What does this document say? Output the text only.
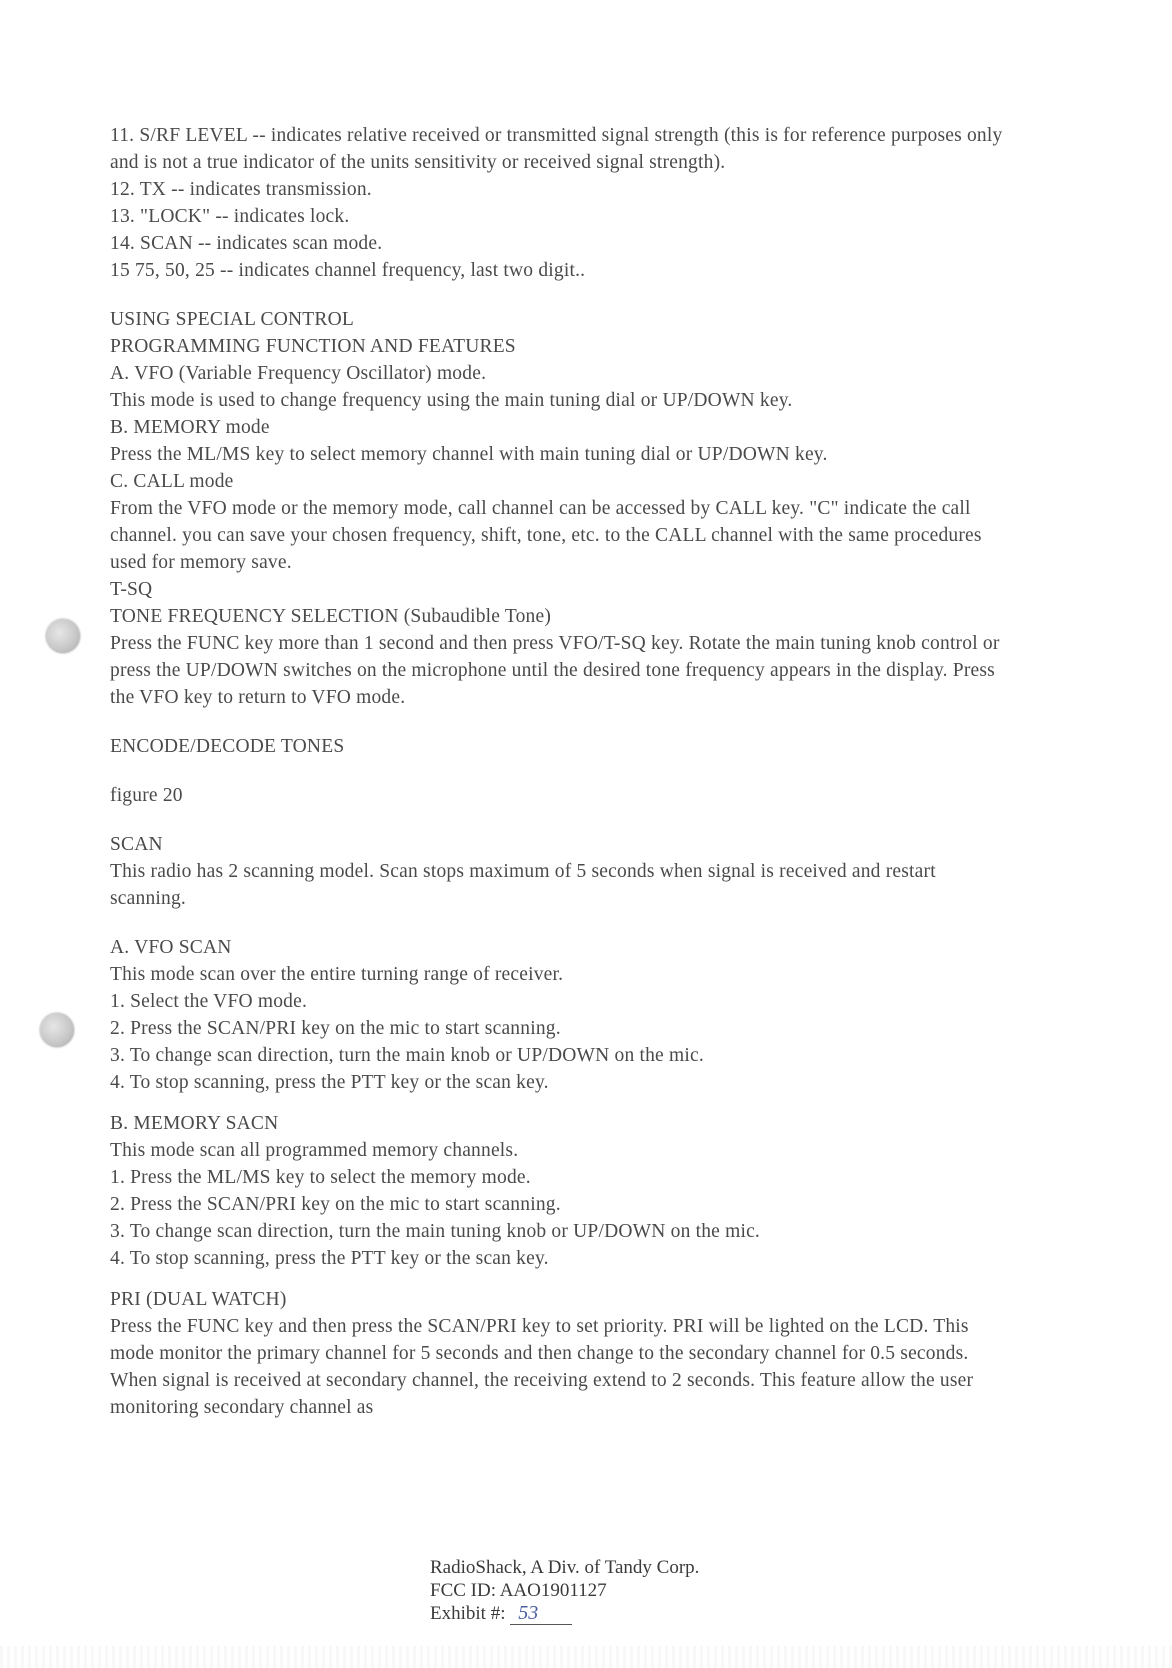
11. S/RF LEVEL -- indicates relative received or transmitted signal strength (this is for reference purposes only and is not a true indicator of the units sensitivity or received signal strength).

12. TX -- indicates transmission.

13. "LOCK" -- indicates lock.

14. SCAN -- indicates scan mode.

15 75, 50, 25 -- indicates channel frequency, last two digit..

USING SPECIAL CONTROL

PROGRAMMING FUNCTION AND FEATURES

A. VFO (Variable Frequency Oscillator) mode.

This mode is used to change frequency using the main tuning dial or UP/DOWN key.

B. MEMORY mode

Press the ML/MS key to select memory channel with main tuning dial or UP/DOWN key.

C. CALL mode

From the VFO mode or the memory mode, call channel can be accessed by CALL key. "C" indicate the call channel. you can save your chosen frequency, shift, tone, etc. to the CALL channel with the same procedures used for memory save.

T-SQ

TONE FREQUENCY SELECTION (Subaudible Tone)

Press the FUNC key more than 1 second and then press VFO/T-SQ key. Rotate the main tuning knob control or press the UP/DOWN switches on the microphone until the desired tone frequency appears in the display. Press the VFO key to return to VFO mode.

ENCODE/DECODE TONES

figure 20

SCAN

This radio has 2 scanning model. Scan stops maximum of 5 seconds when signal is received and restart scanning.

A. VFO SCAN

This mode scan over the entire turning range of receiver.

1. Select the VFO mode.

2. Press the SCAN/PRI key on the mic to start scanning.

3. To change scan direction, turn the main knob or UP/DOWN on the mic.

4. To stop scanning, press the PTT key or the scan key.

B. MEMORY SACN

This mode scan all programmed memory channels.

1. Press the ML/MS key to select the memory mode.

2. Press the SCAN/PRI key on the mic to start scanning.

3. To change scan direction, turn the main tuning knob or UP/DOWN on the mic.

4. To stop scanning, press the PTT key or the scan key.

PRI (DUAL WATCH)

Press the FUNC key and then press the SCAN/PRI key to set priority. PRI will be lighted on the LCD. This mode monitor the primary channel for 5 seconds and then change to the secondary channel for 0.5 seconds. When signal is received at secondary channel, the receiving extend to 2 seconds. This feature allow the user monitoring secondary channel as

RadioShack, A Div. of Tandy Corp.
FCC ID: AAO1901127
Exhibit #: 53
